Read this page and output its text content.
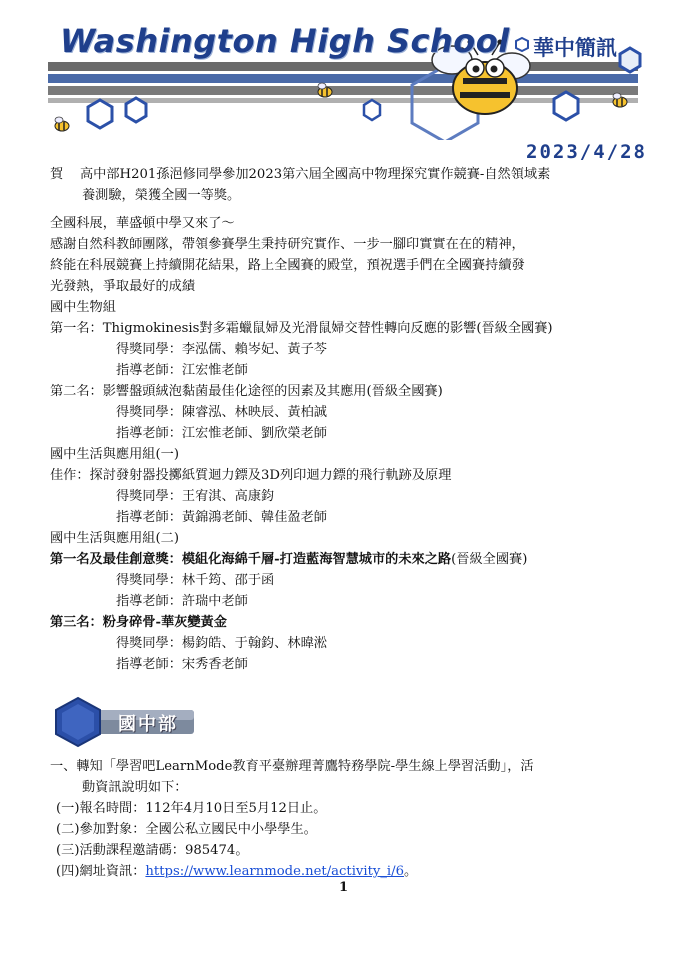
Washington High School 華中簡訊
2023/4/28
賀 高中部H201孫浥修同學參加2023第六屆全國高中物理探究實作競賽-自然領域素
養測驗，榮獲全國一等獎。
全國科展，華盛頓中學又來了～
感謝自然科教師團隊，帶領參賽學生秉持研究實作、一步一腳印實實在在的精神，
終能在科展競賽上持續開花結果，路上全國賽的殿堂，預祝選手們在全國賽持續發
光發熱，爭取最好的成績
國中生物組
第一名：Thigmokinesis對多霜蠟鼠婦及光滑鼠婦交替性轉向反應的影響(晉級全國賽)
得獎同學：李泓儒、賴岑妃、黃子芩
指導老師：江宏惟老師
第二名：影響盤頭絨泡黏菌最佳化途徑的因素及其應用(晉級全國賽)
得獎同學：陳睿泓、林映辰、黃柏誠
指導老師：江宏惟老師、劉欣榮老師
國中生活與應用組(一)
佳作：探討發射器投擲紙質迴力鏢及3D列印迴力鏢的飛行軌跡及原理
得獎同學：王宥淇、高康鈞
指導老師：黃錦鴻老師、韓佳盈老師
國中生活與應用組(二)
第一名及最佳創意獎：模組化海綿千層-打造藍海智慧城市的未來之路(晉級全國賽)
得獎同學：林千筠、邵于函
指導老師：許瑞中老師
第三名：粉身碎骨-華灰變黃金
得獎同學：楊鈞皓、于翰鈞、林暐淞
指導老師：宋秀香老師
國中部
一、轉知「學習吧LearnMode教育平臺辦理菁鷹特務學院-學生線上學習活動」，活
動資訊說明如下：
(一)報名時間：112年4月10日至5月12日止。
(二)參加對象：全國公私立國民中小學學生。
(三)活動課程邀請碼：985474。
(四)網址資訊：https://www.learnmode.net/activity_i/6。
1
